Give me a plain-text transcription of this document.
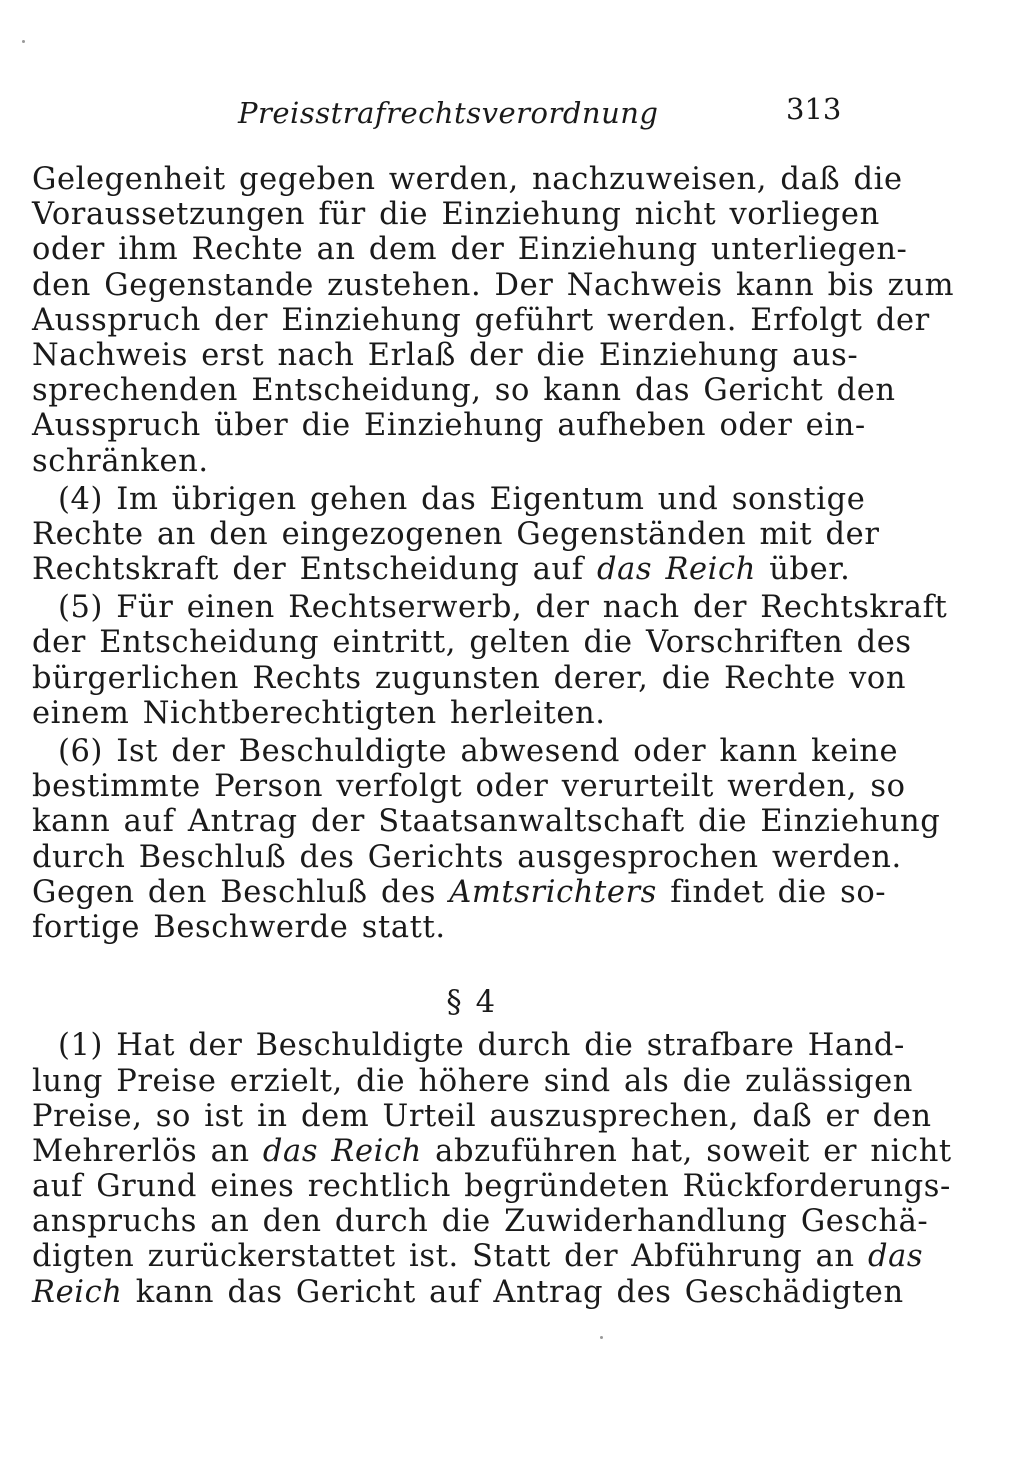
Preisstrafrechtsverordnung	313
Gelegenheit gegeben werden, nachzuweisen, daß die
Voraussetzungen für die Einziehung nicht vorliegen
oder ihm Rechte an dem der Einziehung unterliegen-
den Gegenstande zustehen. Der Nachweis kann bis zum
Ausspruch der Einziehung geführt werden. Erfolgt der
Nachweis erst nach Erlaß der die Einziehung aus-
sprechenden Entscheidung, so kann das Gericht den
Ausspruch über die Einziehung aufheben oder ein-
schränken.
(4) Im übrigen gehen das Eigentum und sonstige
Rechte an den eingezogenen Gegenständen mit der
Rechtskraft der Entscheidung auf das Reich über.
(5) Für einen Rechtserwerb, der nach der Rechtskraft
der Entscheidung eintritt, gelten die Vorschriften des
bürgerlichen Rechts zugunsten derer, die Rechte von
einem Nichtberechtigten herleiten.
(6) Ist der Beschuldigte abwesend oder kann keine
bestimmte Person verfolgt oder verurteilt werden, so
kann auf Antrag der Staatsanwaltschaft die Einziehung
durch Beschluß des Gerichts ausgesprochen werden.
Gegen den Beschluß des Amtsrichters findet die so-
fortige Beschwerde statt.
§ 4
(1) Hat der Beschuldigte durch die strafbare Hand-
lung Preise erzielt, die höhere sind als die zulässigen
Preise, so ist in dem Urteil auszusprechen, daß er den
Mehrerlös an das Reich abzuführen hat, soweit er nicht
auf Grund eines rechtlich begründeten Rückforderungs-
anspruchs an den durch die Zuwiderhandlung Geschä-
digten zurückerstattet ist. Statt der Abführung an das
Reich kann das Gericht auf Antrag des Geschädigten
